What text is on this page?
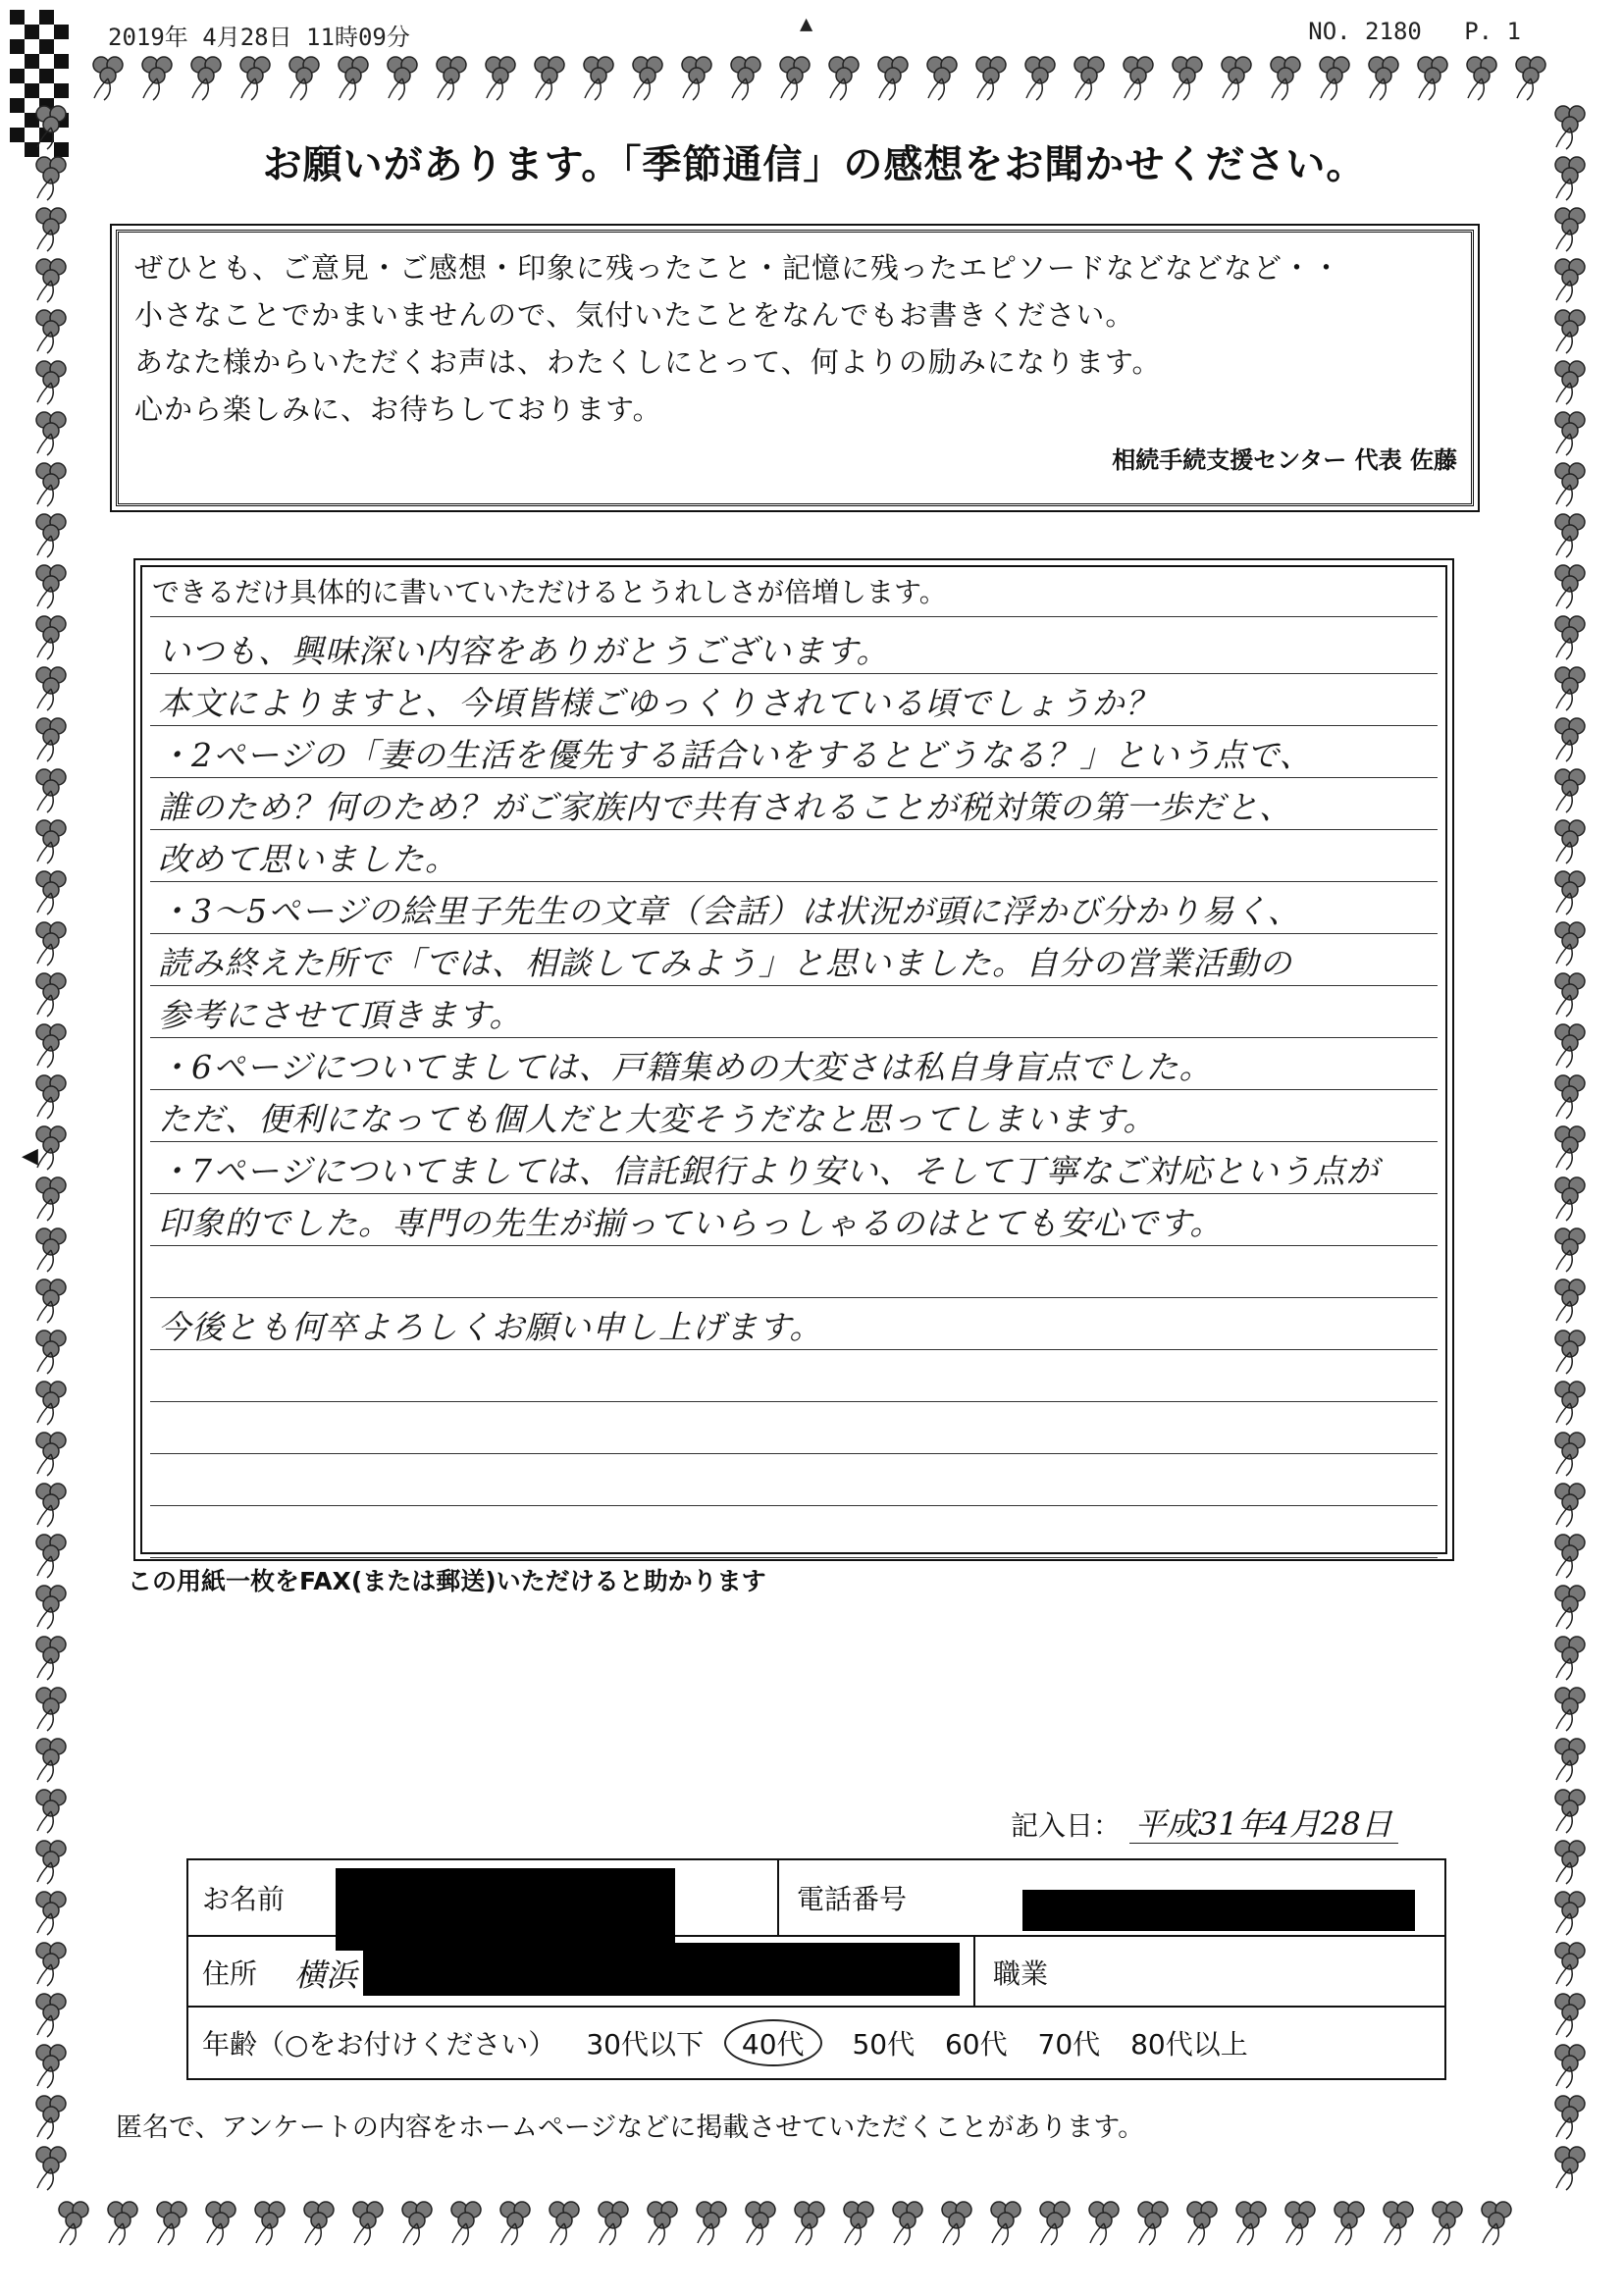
2019年 4月28日 11時09分	▲	NO. 2180 P. 1
◀
お願いがあります。「季節通信」の感想をお聞かせください。
ぜひとも、ご意見・ご感想・印象に残ったこと・記憶に残ったエピソードなどなどなど・・
小さなことでかまいませんので、気付いたことをなんでもお書きください。
あなた様からいただくお声は、わたくしにとって、何よりの励みになります。
心から楽しみに、お待ちしております。
相続手続支援センター 代表 佐藤
できるだけ具体的に書いていただけるとうれしさが倍増します。
いつも、興味深い内容をありがとうございます。
本文によりますと、今頃皆様ごゆっくりされている頃でしょうか？
・2ページの「妻の生活を優先する話合いをするとどうなる？」という点で、
誰のため？何のため？がご家族内で共有されることが税対策の第一歩だと、
改めて思いました。
・3～5ページの絵里子先生の文章（会話）は状況が頭に浮かび分かり易く、
読み終えた所で「では、相談してみよう」と思いました。自分の営業活動の
参考にさせて頂きます。
・6ページについてましては、戸籍集めの大変さは私自身盲点でした。
ただ、便利になっても個人だと大変そうだなと思ってしまいます。
・7ページについてましては、信託銀行より安い、そして丁寧なご対応という点が
印象的でした。専門の先生が揃っていらっしゃるのはとても安心です。
今後とも何卒よろしくお願い申し上げます。
この用紙一枚をFAX(または郵送)いただけると助かります
記入日： 平成31年4月28日
お名前	電話番号
住所 横浜	職業
年齢（○をお付けください） 30代以下 40代 50代 60代 70代 80代以上
匿名で、アンケートの内容をホームページなどに掲載させていただくことがあります。
